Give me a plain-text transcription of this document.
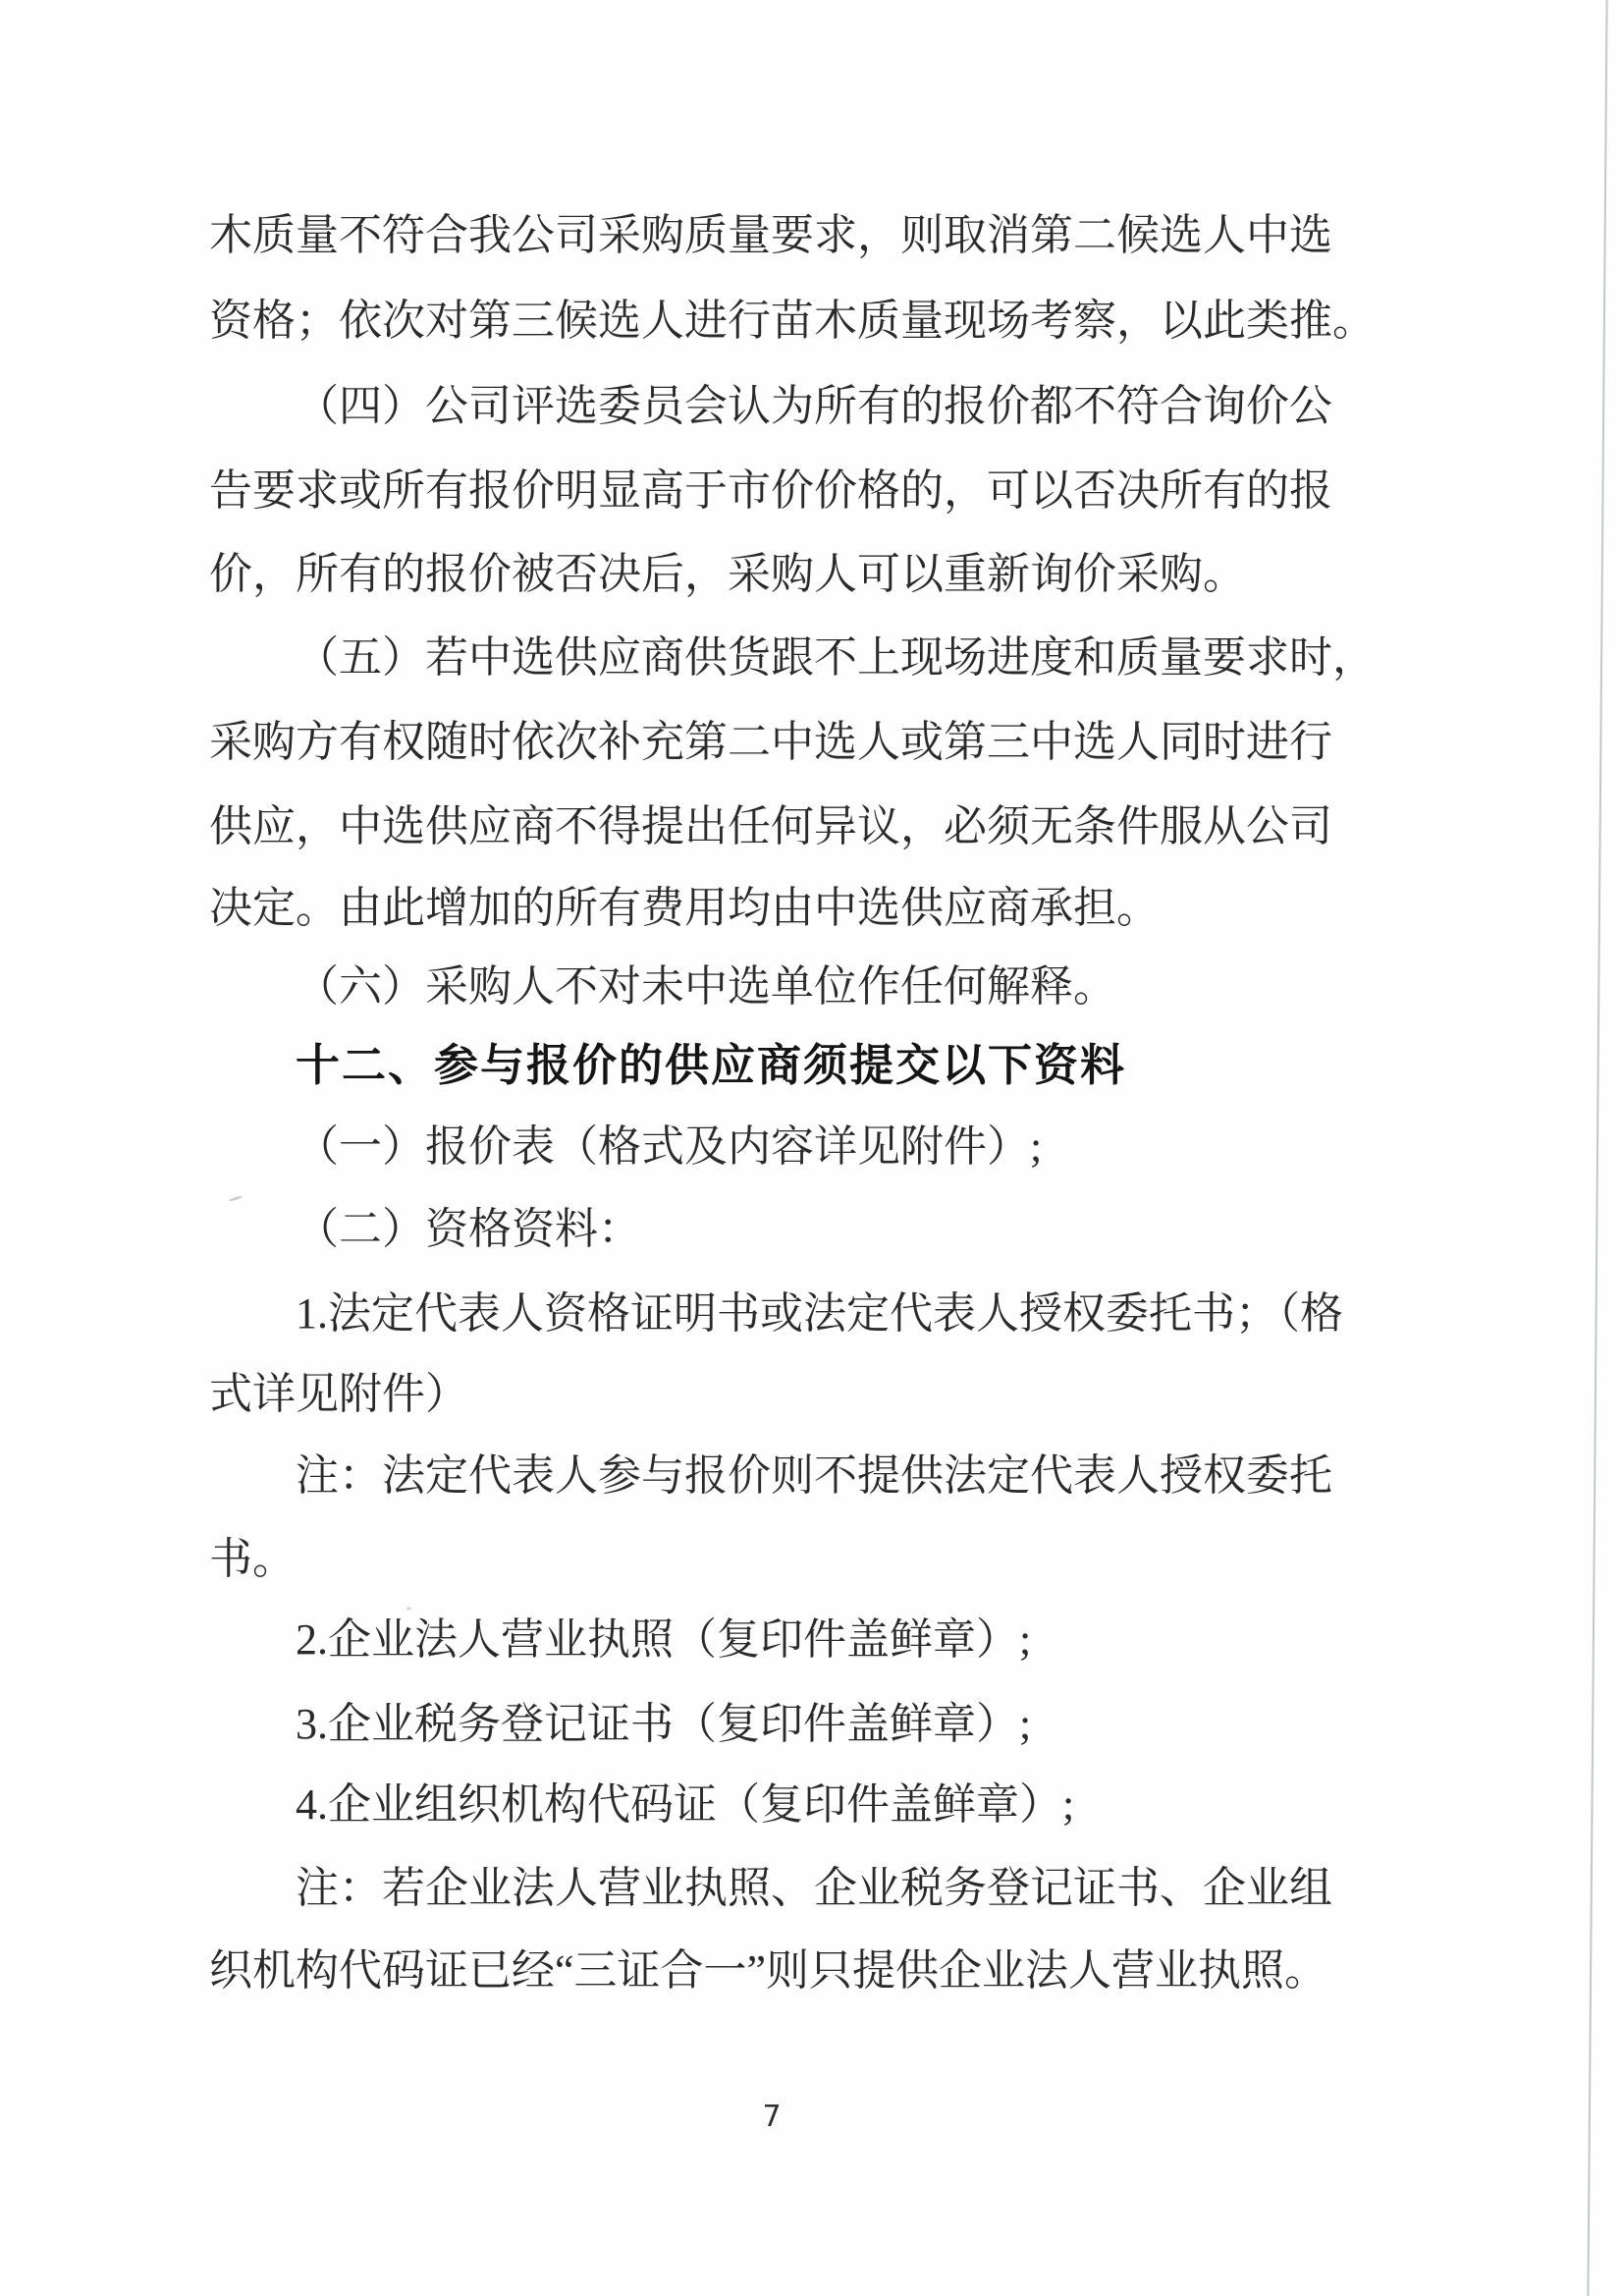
木质量不符合我公司采购质量要求，则取消第二候选人中选
资格；依次对第三候选人进行苗木质量现场考察，以此类推。
（四）公司评选委员会认为所有的报价都不符合询价公
告要求或所有报价明显高于市价价格的，可以否决所有的报
价，所有的报价被否决后，采购人可以重新询价采购。
（五）若中选供应商供货跟不上现场进度和质量要求时，
采购方有权随时依次补充第二中选人或第三中选人同时进行
供应，中选供应商不得提出任何异议，必须无条件服从公司
决定。由此增加的所有费用均由中选供应商承担。
（六）采购人不对未中选单位作任何解释。
十二、参与报价的供应商须提交以下资料
（一）报价表（格式及内容详见附件）;
（二）资格资料：
1.法定代表人资格证明书或法定代表人授权委托书；（格
式详见附件）
注：法定代表人参与报价则不提供法定代表人授权委托
书。
2.企业法人营业执照（复印件盖鲜章）;
3.企业税务登记证书（复印件盖鲜章）;
4.企业组织机构代码证（复印件盖鲜章）;
注：若企业法人营业执照、企业税务登记证书、企业组
织机构代码证已经“三证合一”则只提供企业法人营业执照。
7
